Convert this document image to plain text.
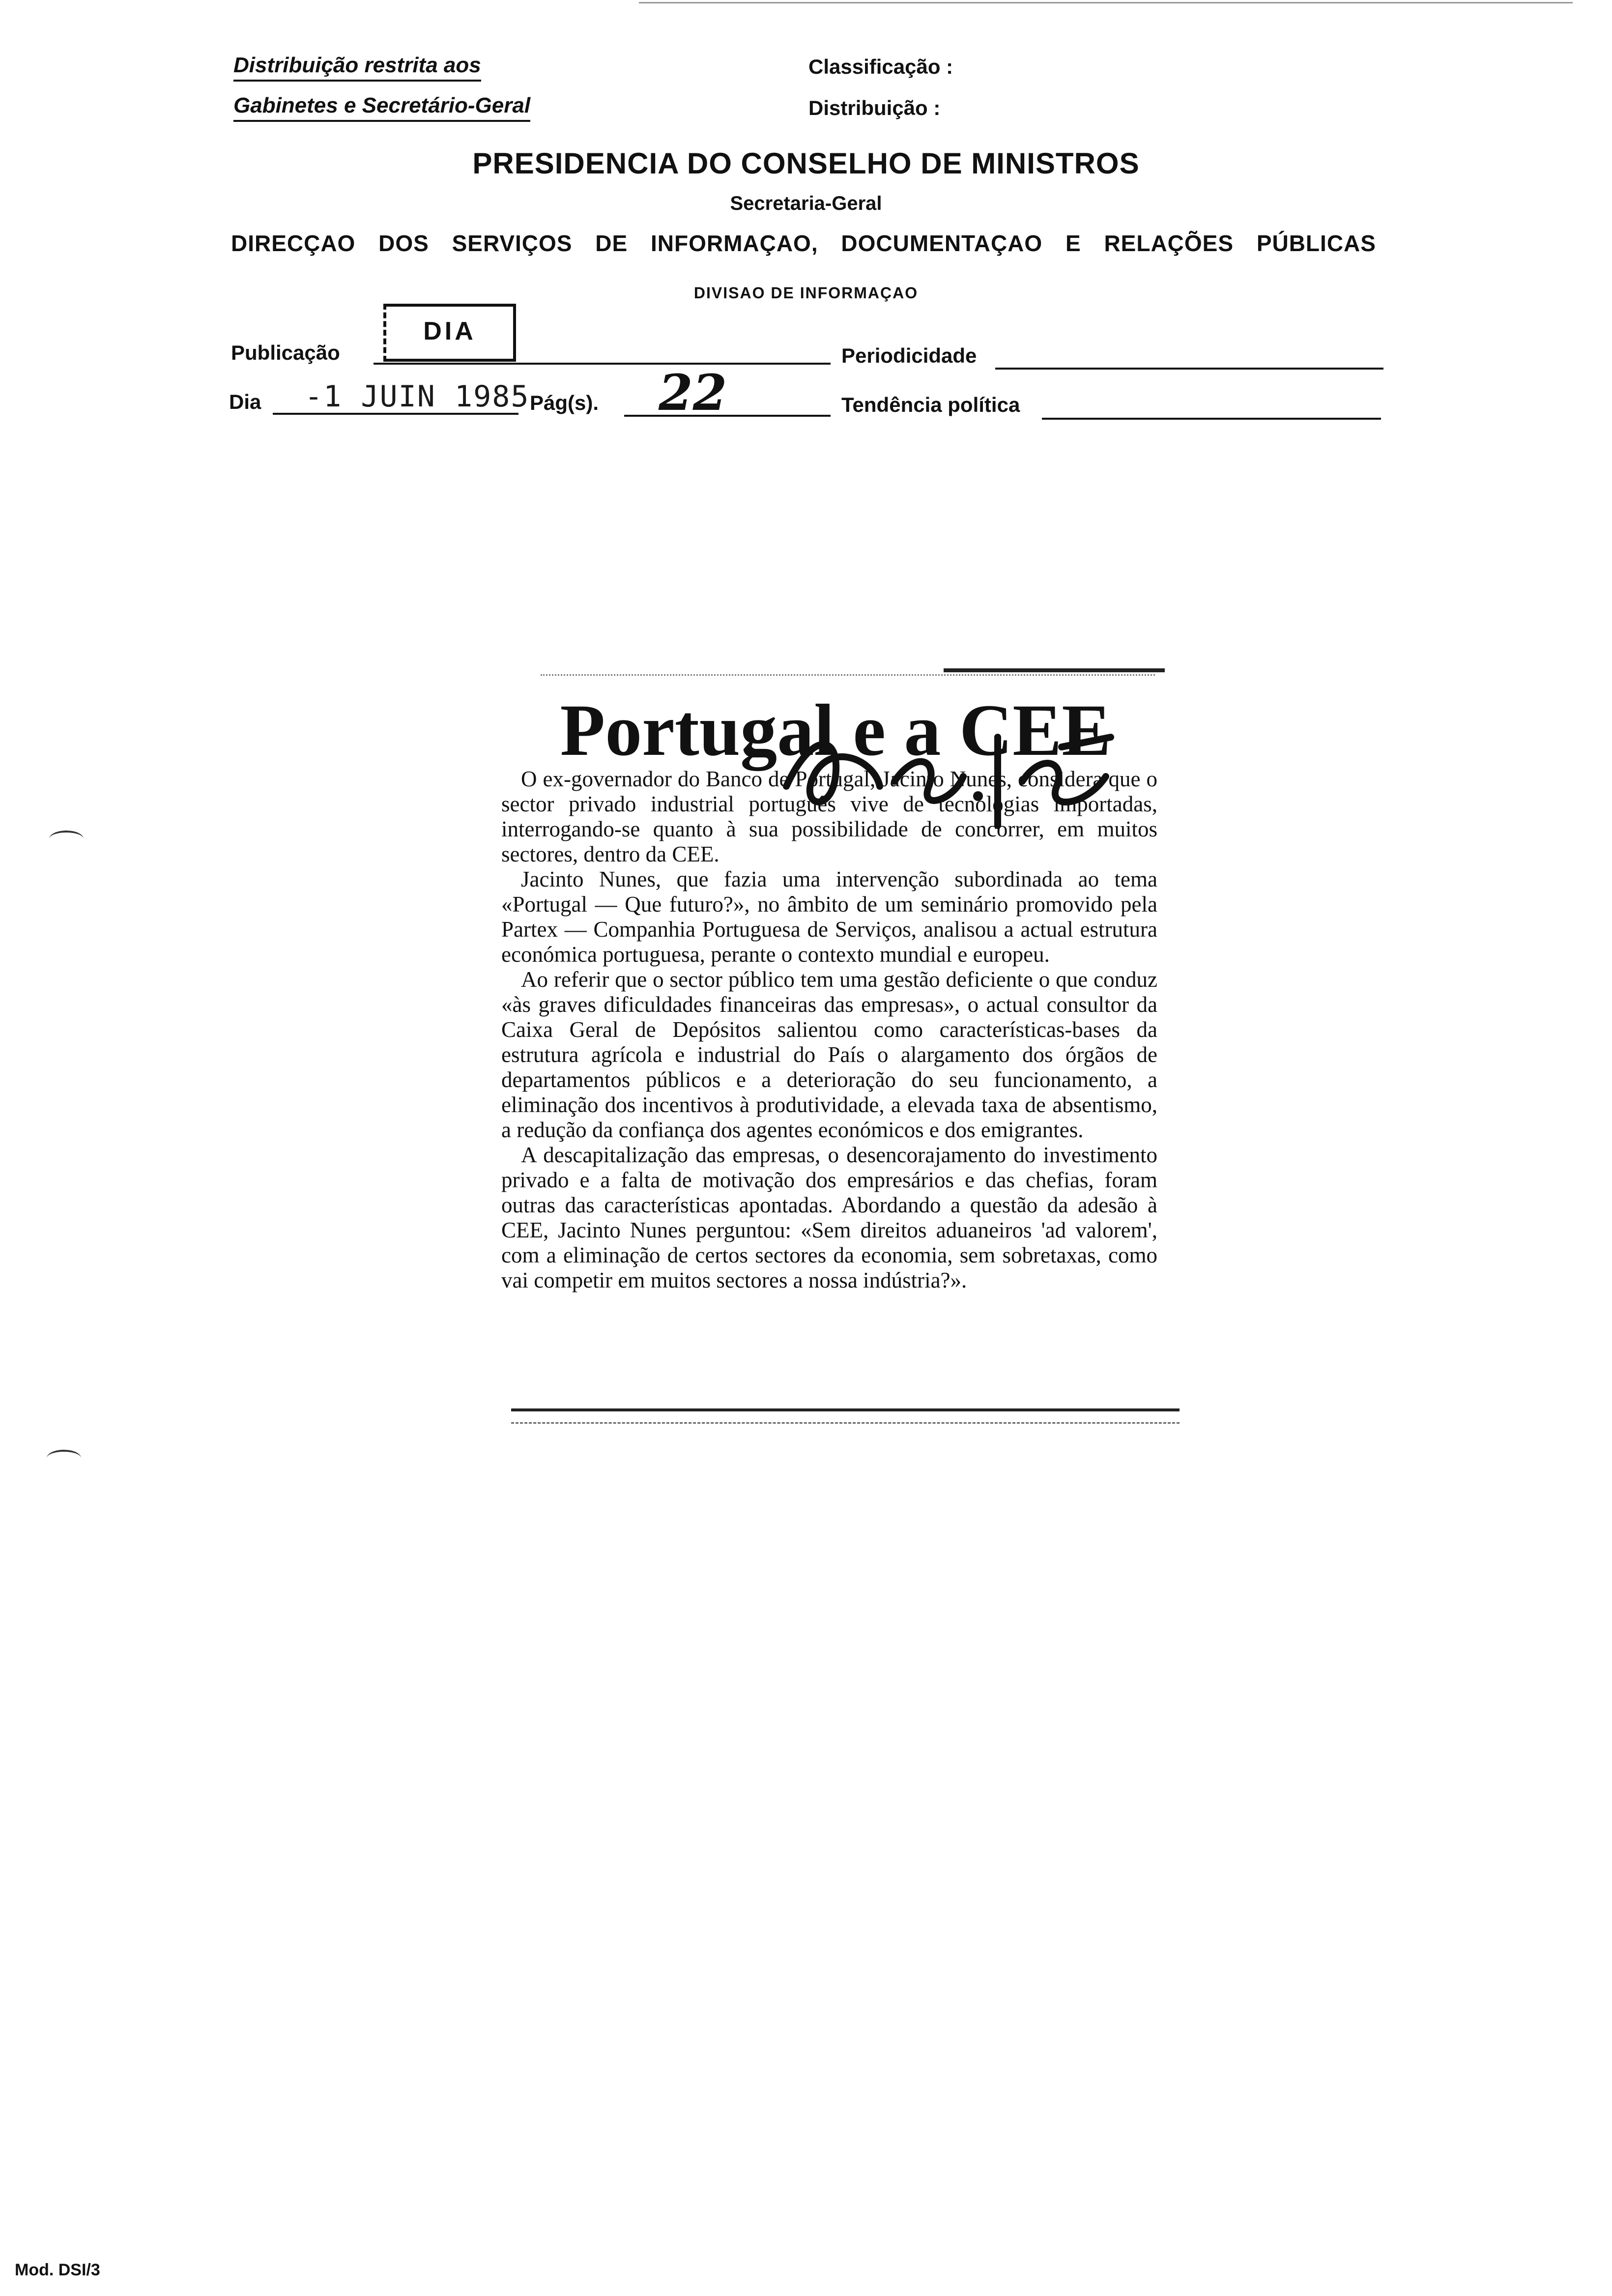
Distribuição restrita aos
Gabinetes e Secretário-Geral
Classificação :
Distribuição :
PRESIDENCIA DO CONSELHO DE MINISTROS
Secretaria-Geral
DIRECÇAO DOS SERVIÇOS DE INFORMAÇAO, DOCUMENTAÇAO E RELAÇÕES PÚBLICAS
DIVISAO DE INFORMAÇAO
Publicação
DIA
Periodicidade
Dia -1 JUIN 1985 Pág(s). 22	Tendência política
Portugal e a CEE

O ex-governador do Banco de Portugal, Jacinto Nunes, considera que o sector privado industrial português vive de tecnologias importadas, interrogando-se quanto à sua possibilidade de concorrer, em muitos sectores, dentro da CEE.

Jacinto Nunes, que fazia uma intervenção subordinada ao tema «Portugal — Que futuro?», no âmbito de um seminário promovido pela Partex — Companhia Portuguesa de Serviços, analisou a actual estrutura económica portuguesa, perante o contexto mundial e europeu.

Ao referir que o sector público tem uma gestão deficiente o que conduz «às graves dificuldades financeiras das empresas», o actual consultor da Caixa Geral de Depósitos salientou como características-bases da estrutura agrícola e industrial do País o alargamento dos órgãos de departamentos públicos e a deterioração do seu funcionamento, a eliminação dos incentivos à produtividade, a elevada taxa de absentismo, a redução da confiança dos agentes económicos e dos emigrantes.

A descapitalização das empresas, o desencorajamento do investimento privado e a falta de motivação dos empresários e das chefias, foram outras das características apontadas. Abordando a questão da adesão à CEE, Jacinto Nunes perguntou: «Sem direitos aduaneiros 'ad valorem', com a eliminação de certos sectores da economia, sem sobretaxas, como vai competir em muitos sectores a nossa indústria?».

Mod. DSI/3
